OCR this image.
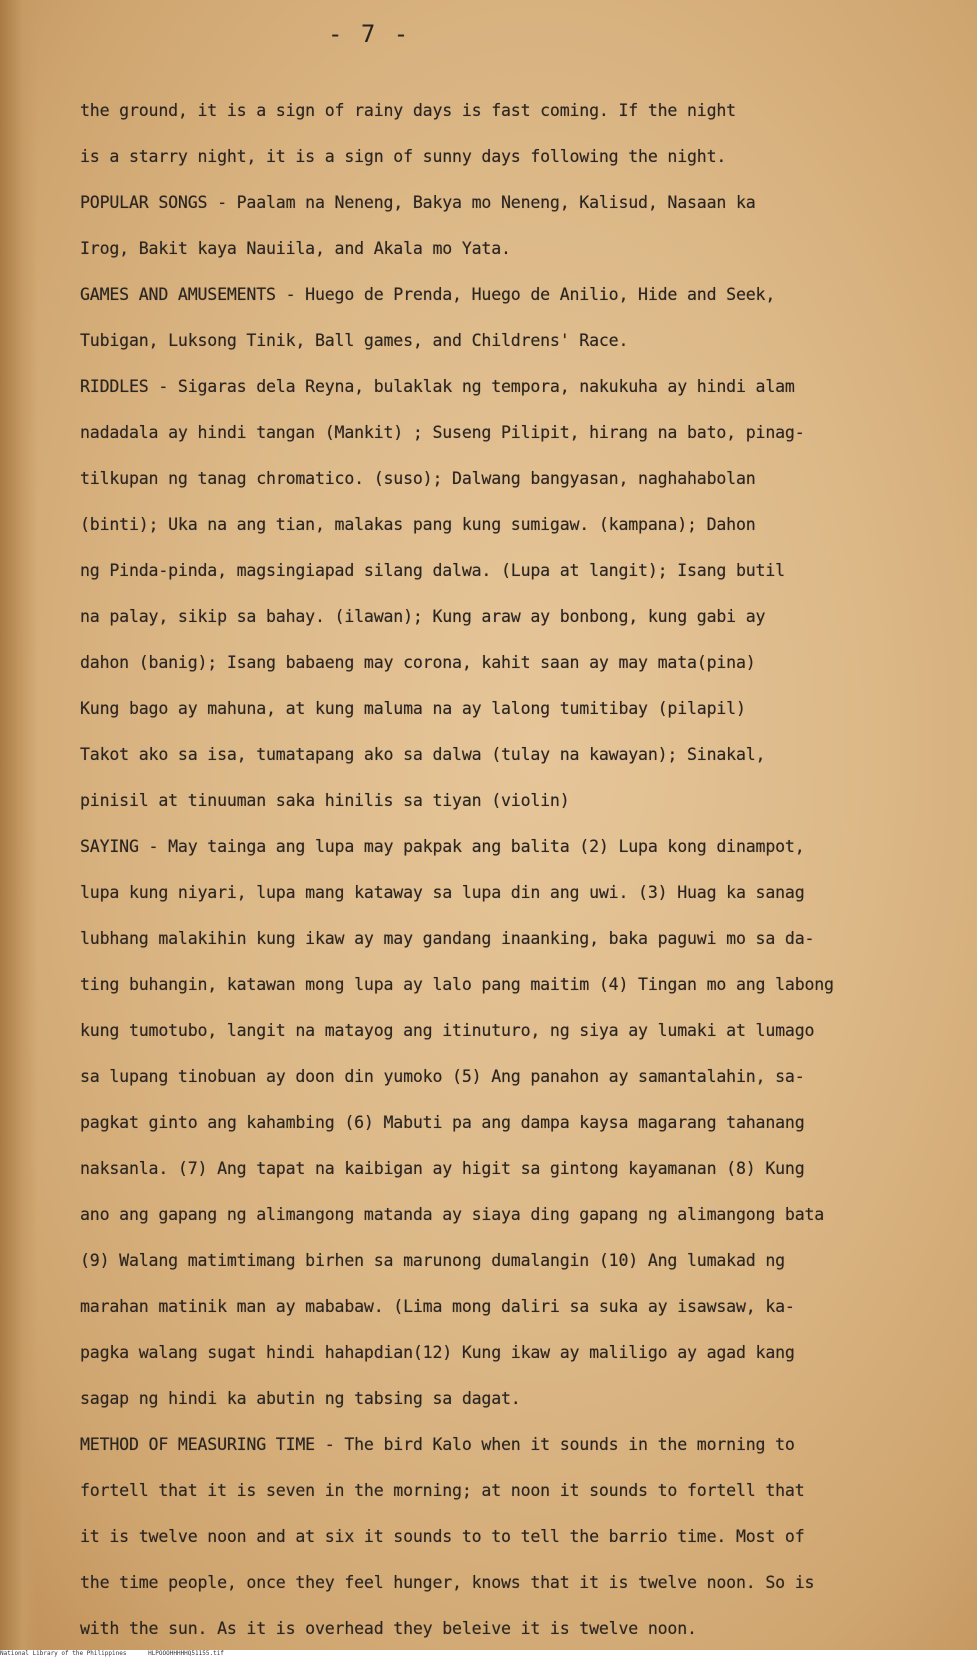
- 7 -
the ground, it is a sign of rainy days is fast coming. If the night
is a starry night, it is a sign of sunny days following the night.
POPULAR SONGS - Paalam na Neneng, Bakya mo Neneng, Kalisud, Nasaan ka
Irog, Bakit kaya Nauiila, and Akala mo Yata.
GAMES AND AMUSEMENTS - Huego de Prenda, Huego de Anilio, Hide and Seek,
Tubigan, Luksong Tinik, Ball games, and Childrens' Race.
RIDDLES - Sigaras dela Reyna, bulaklak ng tempora, nakukuha ay hindi alam
nadadala ay hindi tangan (Mankit) ; Suseng Pilipit, hirang na bato, pinag-
tilkupan ng tanag chromatico. (suso); Dalwang bangyasan, naghahabolan
(binti); Uka na ang tian, malakas pang kung sumigaw. (kampana); Dahon
ng Pinda-pinda, magsingiapad silang dalwa. (Lupa at langit); Isang butil
na palay, sikip sa bahay. (ilawan); Kung araw ay bonbong, kung gabi ay
dahon (banig); Isang babaeng may corona, kahit saan ay may mata(pina)
Kung bago ay mahuna, at kung maluma na ay lalong tumitibay (pilapil)
Takot ako sa isa, tumatapang ako sa dalwa (tulay na kawayan); Sinakal,
pinisil at tinuuman saka hinilis sa tiyan (violin)
SAYING - May tainga ang lupa may pakpak ang balita (2) Lupa kong dinampot,
lupa kung niyari, lupa mang kataway sa lupa din ang uwi. (3) Huag ka sanag
lubhang malakihin kung ikaw ay may gandang inaanking, baka paguwi mo sa da-
ting buhangin, katawan mong lupa ay lalo pang maitim (4) Tingan mo ang labong
kung tumotubo, langit na matayog ang itinuturo, ng siya ay lumaki at lumago
sa lupang tinobuan ay doon din yumoko (5) Ang panahon ay samantalahin, sa-
pagkat ginto ang kahambing (6) Mabuti pa ang dampa kaysa magarang tahanang
naksanla. (7) Ang tapat na kaibigan ay higit sa gintong kayamanan (8) Kung
ano ang gapang ng alimangong matanda ay siaya ding gapang ng alimangong bata
(9) Walang matimtimang birhen sa marunong dumalangin (10) Ang lumakad ng
marahan matinik man ay mababaw. (Lima mong daliri sa suka ay isawsaw, ka-
pagka walang sugat hindi hahapdian(12) Kung ikaw ay maliligo ay agad kang
sagap ng hindi ka abutin ng tabsing sa dagat.
METHOD OF MEASURING TIME - The bird Kalo when it sounds in the morning to
fortell that it is seven in the morning; at noon it sounds to fortell that
it is twelve noon and at six it sounds to to tell the barrio time. Most of
the time people, once they feel hunger, knows that it is twelve noon. So is
with the sun. As it is overhead they beleive it is twelve noon.
National Library of the Philippines	HLPOOOHHHHHQ51155.tif
